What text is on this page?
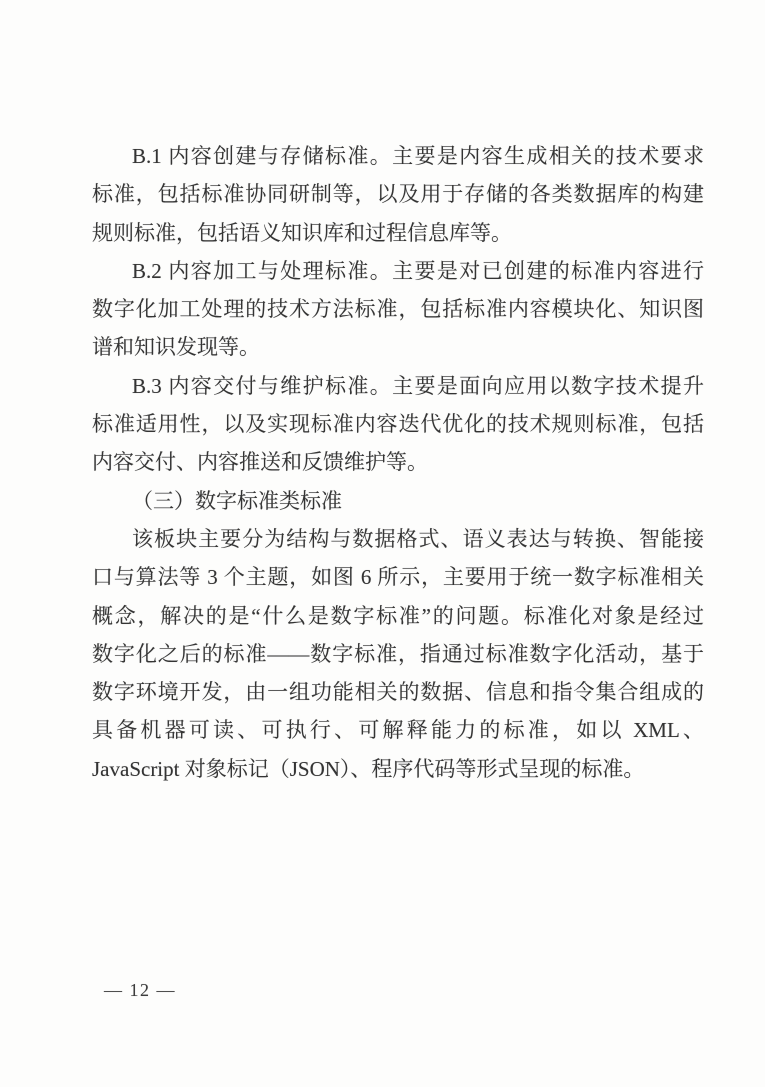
B.1 内容创建与存储标准。主要是内容生成相关的技术要求
标准，包括标准协同研制等，以及用于存储的各类数据库的构建
规则标准，包括语义知识库和过程信息库等。
B.2 内容加工与处理标准。主要是对已创建的标准内容进行
数字化加工处理的技术方法标准，包括标准内容模块化、知识图
谱和知识发现等。
B.3 内容交付与维护标准。主要是面向应用以数字技术提升
标准适用性，以及实现标准内容迭代优化的技术规则标准，包括
内容交付、内容推送和反馈维护等。
（三）数字标准类标准
该板块主要分为结构与数据格式、语义表达与转换、智能接
口与算法等 3 个主题，如图 6 所示，主要用于统一数字标准相关
概念，解决的是“什么是数字标准”的问题。标准化对象是经过
数字化之后的标准——数字标准，指通过标准数字化活动，基于
数字环境开发，由一组功能相关的数据、信息和指令集合组成的
具备机器可读、可执行、可解释能力的标准，如以 XML、
JavaScript 对象标记（JSON）、程序代码等形式呈现的标准。
— 12 —
